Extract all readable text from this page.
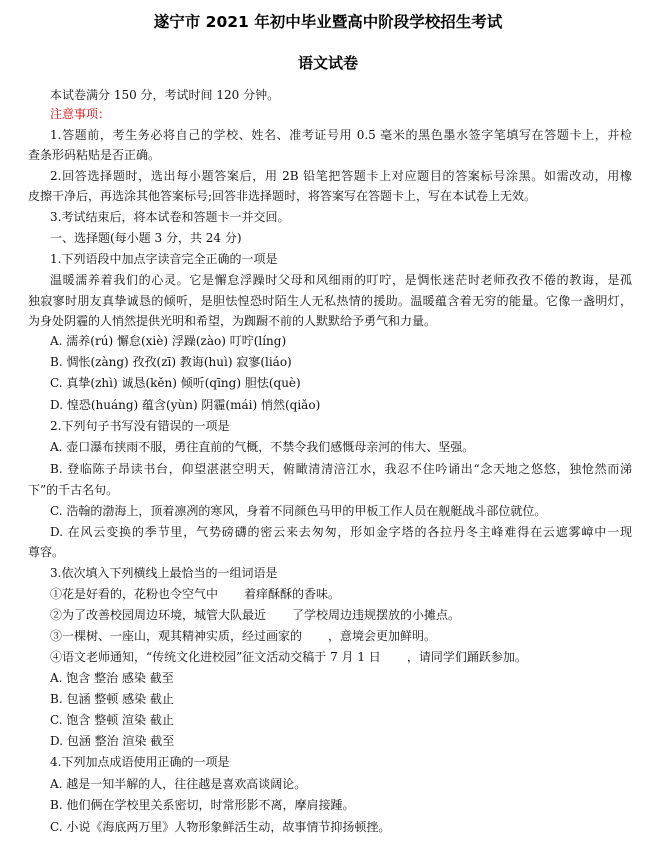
遂宁市 2021 年初中毕业暨高中阶段学校招生考试
语文试卷
本试卷满分 150 分，考试时间 120 分钟。
注意事项：
1.答题前，考生务必将自己的学校、姓名、准考证号用 0.5 毫米的黑色墨水签字笔填写在答题卡上，并检
查条形码粘贴是否正确。
2.回答选择题时，选出每小题答案后，用 2B 铅笔把答题卡上对应题目的答案标号涂黑。如需改动，用橡
皮擦干净后，再选涂其他答案标号;回答非选择题时，将答案写在答题卡上，写在本试卷上无效。
3.考试结束后，将本试卷和答题卡一并交回。
一、选择题(每小题 3 分，共 24 分)
1.下列语段中加点字读音完全正确的一项是
温暖濡养着我们的心灵。它是懈怠浮躁时父母和风细雨的叮咛，是惆怅迷茫时老师孜孜不倦的教诲，是孤
独寂寥时朋友真挚诚恳的倾听，是胆怯惶恐时陌生人无私热情的援助。温暖蕴含着无穷的能量。它像一盏明灯，
为身处阴霾的人悄然提供光明和希望，为踟蹰不前的人默默给予勇气和力量。
A. 濡养(rú) 懈怠(xiè) 浮躁(zào) 叮咛(líng)
B. 惆怅(zàng) 孜孜(zī) 教诲(huì) 寂寥(liáo)
C. 真挚(zhì) 诚恳(kěn) 倾听(qīng) 胆怯(què)
D. 惶恐(huáng) 蕴含(yùn) 阴霾(mái) 悄然(qiǎo)
2.下列句子书写没有错误的一项是
A. 壶口瀑布挟雨不服，勇往直前的气概，不禁令我们感慨母亲河的伟大、坚强。
B. 登临陈子昂读书台，仰望湛湛空明天，俯瞰清清涪江水，我忍不住吟诵出“念天地之悠悠，独怆然而涕
下”的千古名句。
C. 浩翰的渤海上，顶着凛冽的寒风，身着不同颜色马甲的甲板工作人员在舰艇战斗部位就位。
D. 在风云变换的季节里，气势磅礴的密云来去匆匆，形如金字塔的各拉丹冬主峰难得在云遮雾嶂中一现
尊容。
3.依次填入下列横线上最恰当的一组词语是
①花是好看的，花粉也令空气中 着痒酥酥的香味。
②为了改善校园周边环境，城管大队最近 了学校周边违规摆放的小摊点。
③一棵树、一座山，观其精神实质，经过画家的 ，意境会更加鲜明。
④语文老师通知，“传统文化进校园”征文活动交稿于 7 月 1 日 ，请同学们踊跃参加。
A. 饱含 整治 感染 截至
B. 包涵 整顿 感染 截止
C. 饱含 整顿 渲染 截止
D. 包涵 整治 渲染 截至
4.下列加点成语使用正确的一项是
A. 越是一知半解的人，往往越是喜欢高谈阔论。
B. 他们俩在学校里关系密切，时常形影不离，摩肩接踵。
C. 小说《海底两万里》人物形象鲜活生动，故事情节抑扬顿挫。
